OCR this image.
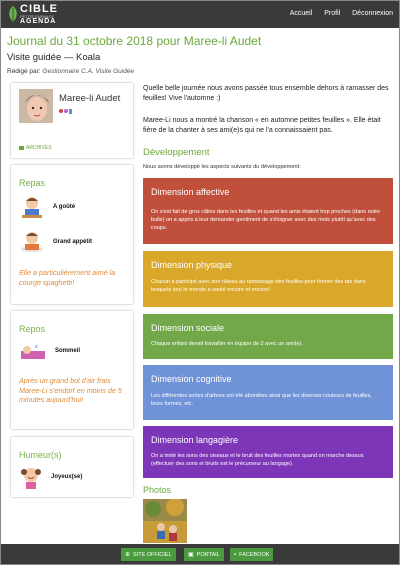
CIBLE
PETITE ENFANCE
AGENDA
Accueil Profil Déconnexion
Journal du 31 octobre 2018 pour Maree-li Audet
Visite guidée — Koala
Rédigé par: Gestionnaire C.A. Visite Guidée
Maree-li Audet
ARCHIVES
Repas
A goûté
Grand appétit
Elle a particulièrement aimé la courge spaghetti!
Repos
z
Sommeil
Après un grand bol d'air frais Maree-Li s'endort en moins de 5 minutes aujourd'hui!
Humeur(s)
Joyeux(se)
Quelle belle journée nous avons passée tous ensemble dehors à ramasser des feuilles! Vive l'automne :)
Maree-Li nous a montré la chanson « en automne petites feuilles ». Elle était fière de la chanter à ses ami(e)s qui ne l'a connaissaient pas.
Développement
Nous avons développé les aspects suivants du développement:
Dimension affective
On s'est fait de gros câlins dans les feuilles et quand les amis étaient trop proches (dans notre bulle) on a appris à leur demander gentiment de s'éloigner avec des mots plutôt qu'avec des coups.
Dimension physique
Chacun a participé avec son râteau au ramassage des feuilles pour former des tas dans lesquels tout le monde a sauté encore et encore!
Dimension sociale
Chaque enfant devait travailler en équipe de 2 avec un ami(e).
Dimension cognitive
Les différentes sortes d'arbres ont été abordées ainsi que les diverses couleurs de feuilles, leurs formes, etc.
Dimension langagière
On a imité les sons des oiseaux et le bruit des feuilles mortes quand on marche dessus (effectuer des sons et bruits est le précurseur au langage).
Photos
⊕ SITE OFFICIEL	▣ PORTAIL ▪ FACEBOOK
